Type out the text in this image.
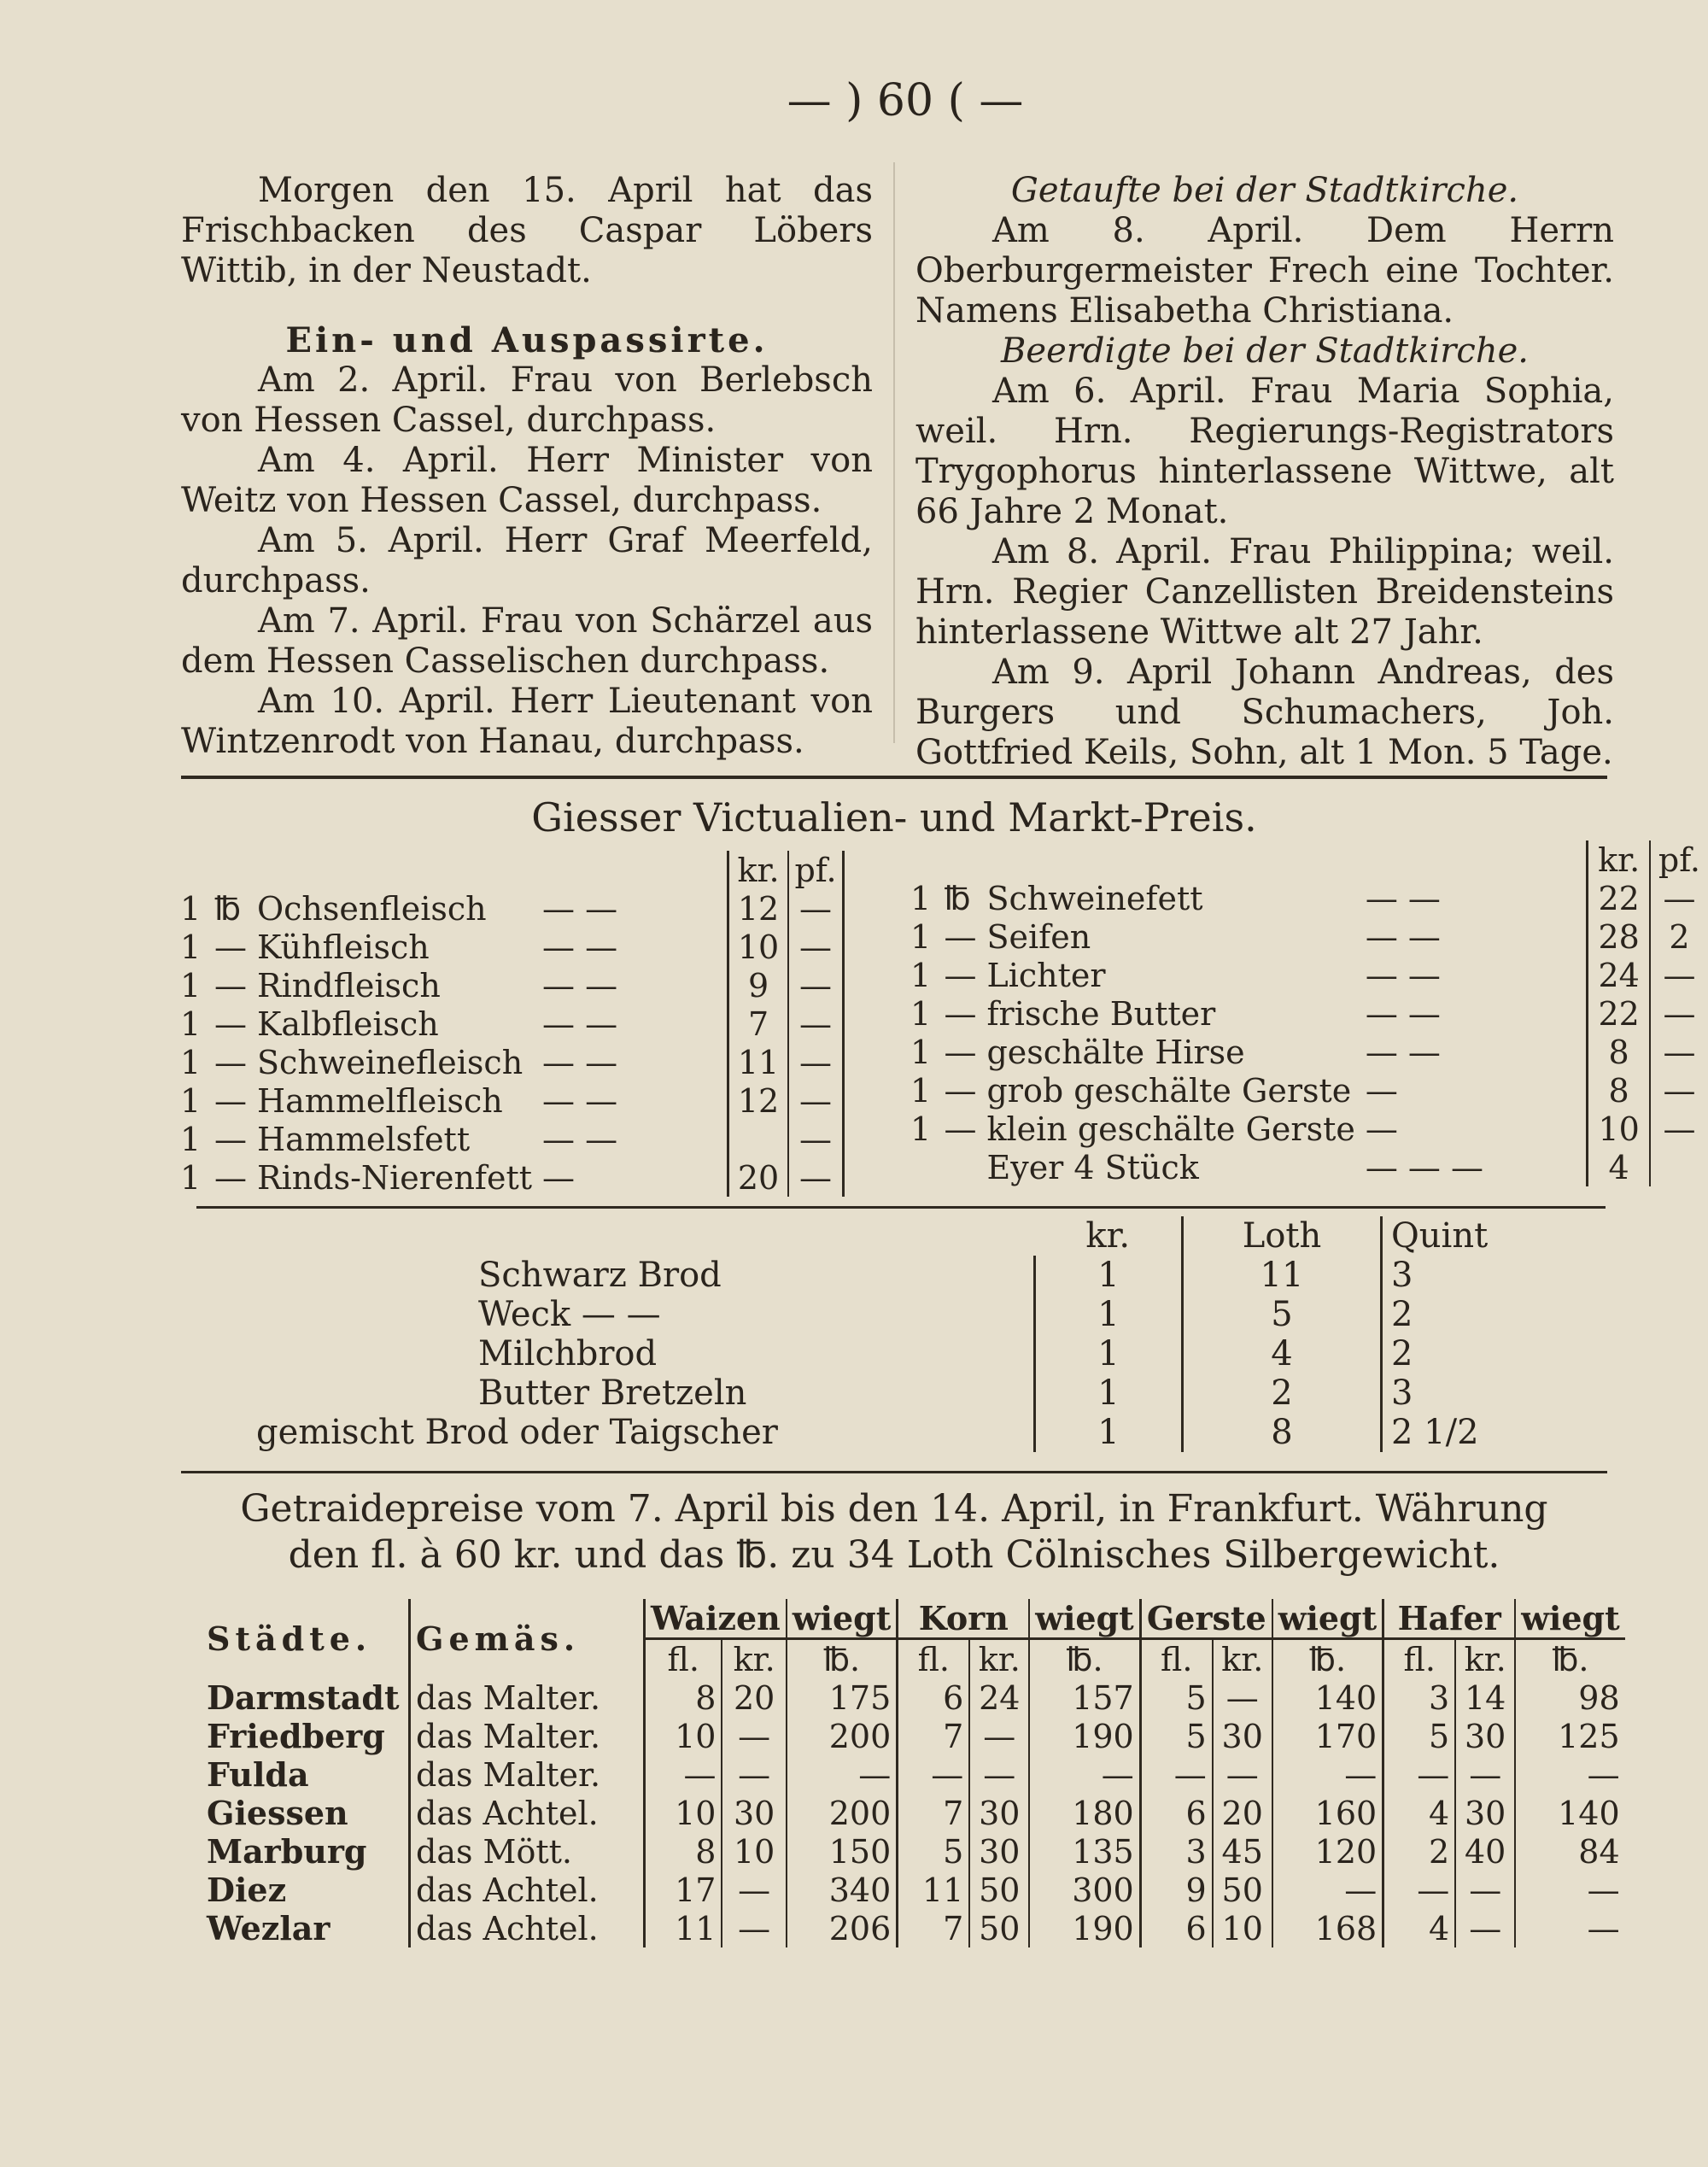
— ) 60 ( —

Morgen den 15. April hat das Frischbacken des Caspar Löbers Wittib, in der Neustadt.

Ein- und Auspassirte.

Am 2. April. Frau von Berlebsch von Hessen Cassel, durchpass.

Am 4. April. Herr Minister von Weitz von Hessen Cassel, durchpass.

Am 5. April. Herr Graf Meerfeld, durchpass.

Am 7. April. Frau von Schärzel aus dem Hessen Casselischen durchpass.

Am 10. April. Herr Lieutenant von Wintzenrodt von Hanau, durchpass.

Getaufte bei der Stadtkirche.

Am 8. April. Dem Herrn Oberburgermeister Frech eine Tochter. Namens Elisabetha Christiana.

Beerdigte bei der Stadtkirche.

Am 6. April. Frau Maria Sophia, weil. Hrn. Regierungs-Registrators Trygophorus hinterlassene Wittwe, alt 66 Jahre 2 Monat.

Am 8. April. Frau Philippina; weil. Hrn. Regier Canzellisten Breidensteins hinterlassene Wittwe alt 27 Jahr.

Am 9. April Johann Andreas, des Burgers und Schumachers, Joh. Gottfried Keils, Sohn, alt 1 Mon. 5 Tage.

Giesser Victualien- und Markt-Preis.
				kr.	pf.
1	℔	Ochsenfleisch	— —	12	—
1	—	Kühfleisch	— —	10	—
1	—	Rindfleisch	— —	9	—
1	—	Kalbfleisch	— —	7	—
1	—	Schweinefleisch	— —	11	—
1	—	Hammelfleisch	— —	12	—
1	—	Hammelsfett	— —		—
1	—	Rinds-Nierenfett	—	20	—
				kr.	pf.
1	℔	Schweinefett	— —	22	—
1	—	Seifen	— —	28	2
1	—	Lichter	— —	24	—
1	—	frische Butter	— —	22	—
1	—	geschälte Hirse	— —	8	—
1	—	grob geschälte Gerste	—	8	—
1	—	klein geschälte Gerste	—	10	—
		Eyer 4 Stück	— — —	4	
	kr.	Loth	Quint
Schwarz Brod	1	11	3
Weck — —	1	5	2
Milchbrod	1	4	2
Butter Bretzeln	1	2	3
gemischt Brod oder Taigscher	1	8	2 1/2
Getraidepreise vom 7. April bis den 14. April, in Frankfurt. Währung
den fl. à 60 kr. und das ℔. zu 34 Loth Cölnisches Silbergewicht.
Städte.	Gemäs.	Waizen		wiegt	Korn		wiegt	Gerste		wiegt	Hafer		wiegt
		fl.	kr.	℔.	fl.	kr.	℔.	fl.	kr.	℔.	fl.	kr.	℔.
Darmstadt	das Malter.	8	20	175	6	24	157	5	—	140	3	14	98
Friedberg	das Malter.	10	—	200	7	—	190	5	30	170	5	30	125
Fulda	das Malter.	—	—	—	—	—	—	—	—	—	—	—	—
Giessen	das Achtel.	10	30	200	7	30	180	6	20	160	4	30	140
Marburg	das Mött.	8	10	150	5	30	135	3	45	120	2	40	84
Diez	das Achtel.	17	—	340	11	50	300	9	50	—	—	—	—
Wezlar	das Achtel.	11	—	206	7	50	190	6	10	168	4	—	—
